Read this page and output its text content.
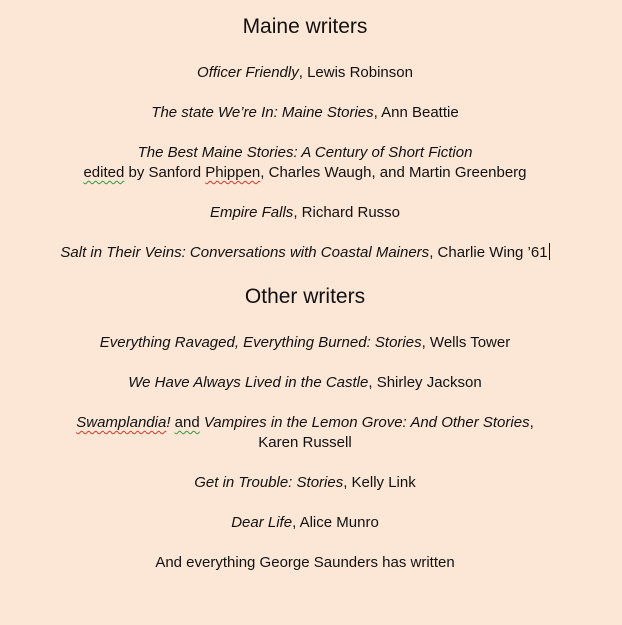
Maine writers
Officer Friendly, Lewis Robinson
The state We’re In: Maine Stories, Ann Beattie
The Best Maine Stories: A Century of Short Fiction
edited by Sanford Phippen, Charles Waugh, and Martin Greenberg
Empire Falls, Richard Russo
Salt in Their Veins: Conversations with Coastal Mainers, Charlie Wing ’61
Other writers
Everything Ravaged, Everything Burned: Stories, Wells Tower
We Have Always Lived in the Castle, Shirley Jackson
Swamplandia! and Vampires in the Lemon Grove: And Other Stories,
Karen Russell
Get in Trouble: Stories, Kelly Link
Dear Life, Alice Munro
And everything George Saunders has written
